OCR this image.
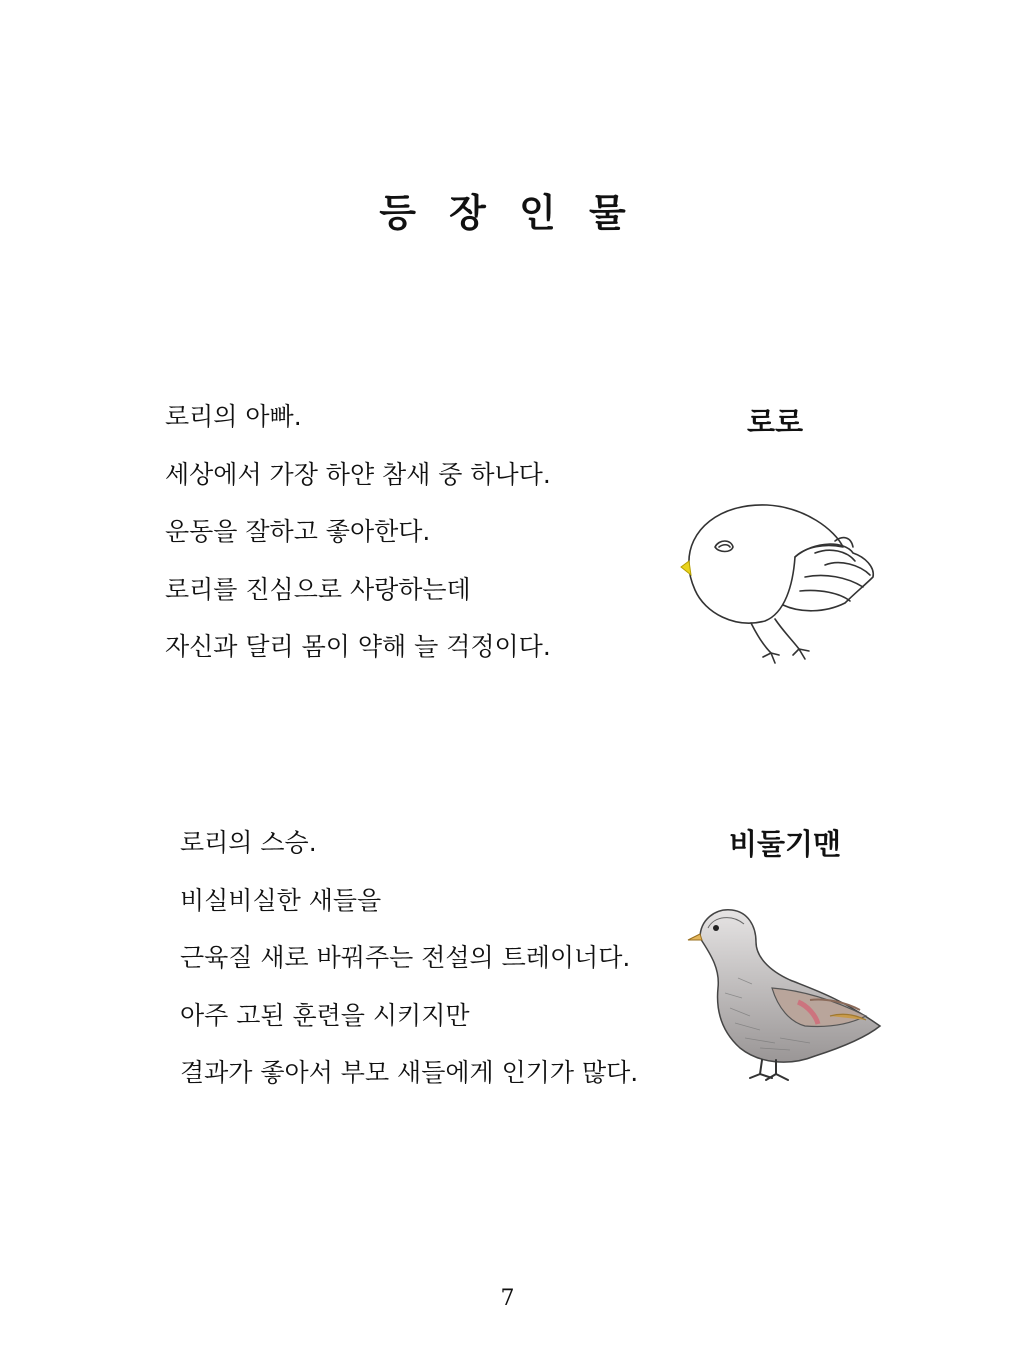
등 장 인 물
로리의 아빠.
세상에서 가장 하얀 참새 중 하나다.
운동을 잘하고 좋아한다.
로리를 진심으로 사랑하는데
자신과 달리 몸이 약해 늘 걱정이다.
로로
로리의 스승.
비실비실한 새들을
근육질 새로 바꿔주는 전설의 트레이너다.
아주 고된 훈련을 시키지만
결과가 좋아서 부모 새들에게 인기가 많다.
비둘기맨
7
